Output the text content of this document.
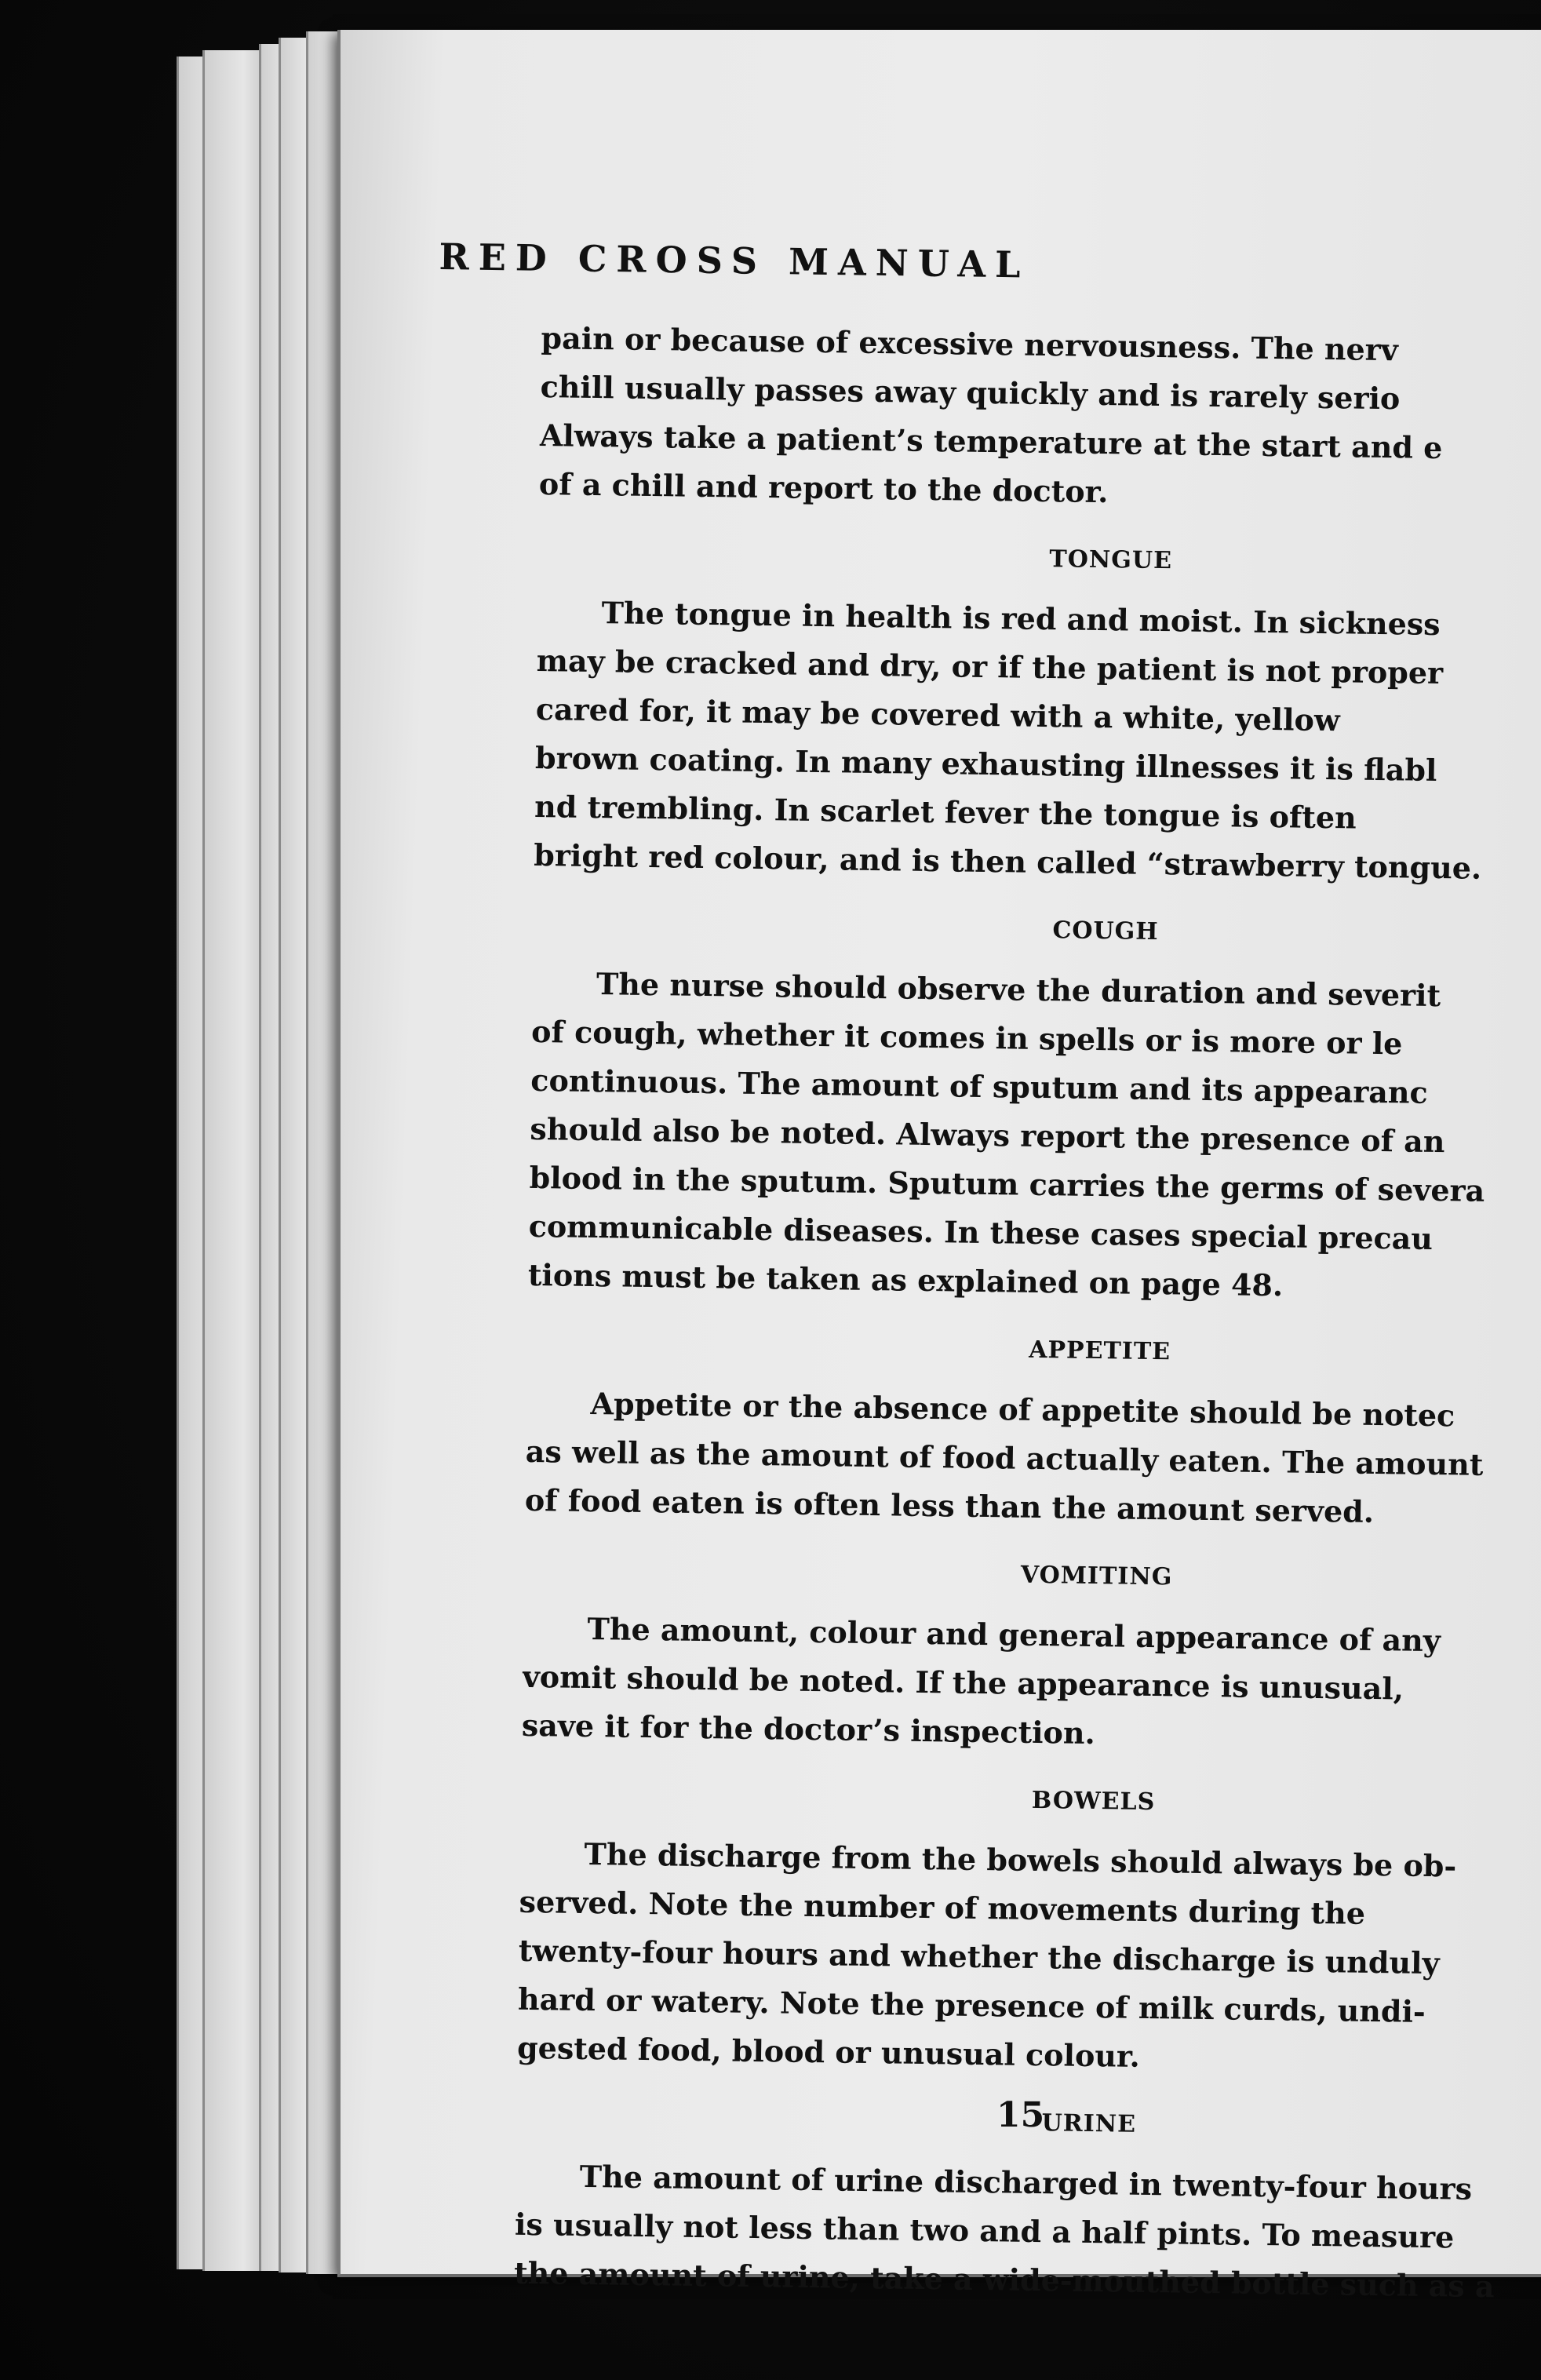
RED CROSS MANUAL
pain or because of excessive nervousness. The nerv
chill usually passes away quickly and is rarely serio
Always take a patient’s temperature at the start and e
of a chill and report to the doctor.
TONGUE
The tongue in health is red and moist. In sickness
may be cracked and dry, or if the patient is not proper
cared for, it may be covered with a white, yellow
brown coating. In many exhausting illnesses it is flabl
nd trembling. In scarlet fever the tongue is often
bright red colour, and is then called “strawberry tongue.
COUGH
The nurse should observe the duration and severit
of cough, whether it comes in spells or is more or le
continuous. The amount of sputum and its appearanc
should also be noted. Always report the presence of an
blood in the sputum. Sputum carries the germs of severa
communicable diseases. In these cases special precau
tions must be taken as explained on page 48.
APPETITE
Appetite or the absence of appetite should be notec
as well as the amount of food actually eaten. The amount
of food eaten is often less than the amount served.
VOMITING
The amount, colour and general appearance of any
vomit should be noted. If the appearance is unusual,
save it for the doctor’s inspection.
BOWELS
The discharge from the bowels should always be ob-
served. Note the number of movements during the
twenty-four hours and whether the discharge is unduly
hard or watery. Note the presence of milk curds, undi-
gested food, blood or unusual colour.
URINE
The amount of urine discharged in twenty-four hours
is usually not less than two and a half pints. To measure
the amount of urine, take a wide-mouthed bottle such as a
15
